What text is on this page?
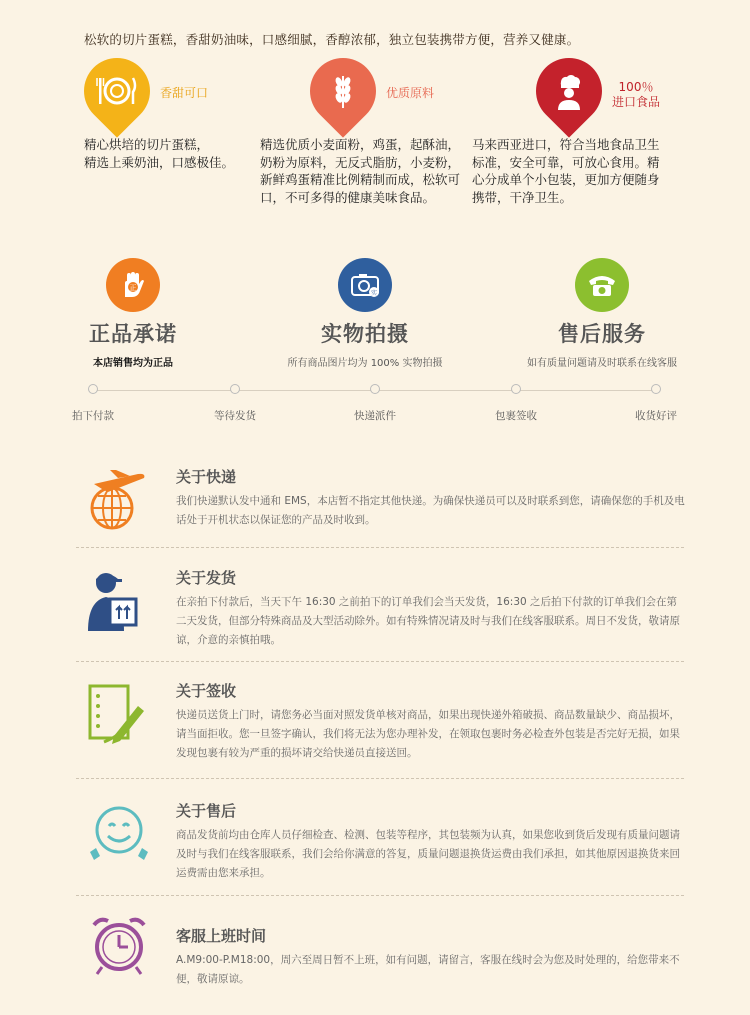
松软的切片蛋糕，香甜奶油味，口感细腻，香醇浓郁，独立包装携带方便，营养又健康。
香甜可口
精心烘培的切片蛋糕，
精选上乘奶油，口感极佳。
优质原料
精选优质小麦面粉，鸡蛋，起酥油，奶粉为原料，无反式脂肪，小麦粉，新鲜鸡蛋精准比例精制而成，松软可口，不可多得的健康美味食品。
100％
进口食品
马来西亚进口，符合当地食品卫生标准，安全可靠，可放心食用。精心分成单个小包装，更加方便随身携带，干净卫生。
正
正品承诺
本店销售均为正品
实
实物拍摄
所有商品图片均为 100% 实物拍摄
售后服务
如有质量问题请及时联系在线客服
拍下付款	等待发货	快递派件	包裹签收	收货好评
关于快递
我们快递默认发中通和 EMS，本店暂不指定其他快递。为确保快递员可以及时联系到您，请确保您的手机及电话处于开机状态以保证您的产品及时收到。
关于发货
在亲拍下付款后，当天下午 16:30 之前拍下的订单我们会当天发货，16:30 之后拍下付款的订单我们会在第二天发货，但部分特殊商品及大型活动除外。如有特殊情况请及时与我们在线客服联系。周日不发货，敬请原谅，介意的亲慎拍哦。
关于签收
快递员送货上门时，请您务必当面对照发货单核对商品，如果出现快递外箱破损、商品数量缺少、商品损坏，请当面拒收。您一旦签字确认，我们将无法为您办理补发，在领取包裹时务必检查外包装是否完好无损，如果发现包裹有较为严重的损坏请交给快递员直接送回。
关于售后
商品发货前均由仓库人员仔细检查、检测、包装等程序，其包装频为认真，如果您收到货后发现有质量问题请及时与我们在线客服联系，我们会给你满意的答复，质量问题退换货运费由我们承担，如其他原因退换货来回运费需由您来承担。
客服上班时间
A.M9:00-P.M18:00，周六至周日暂不上班，如有问题，请留言，客服在线时会为您及时处理的，给您带来不便，敬请原谅。
